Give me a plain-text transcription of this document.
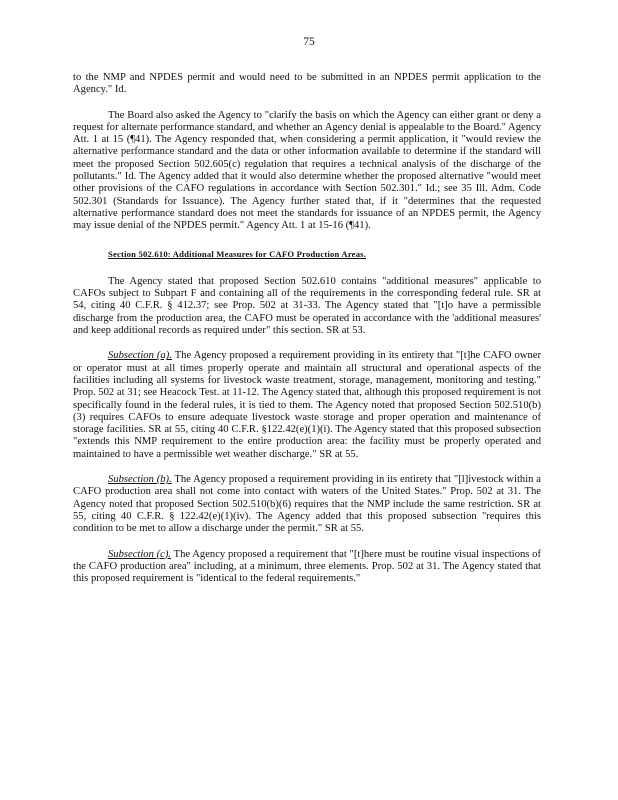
75

to the NMP and NPDES permit and would need to be submitted in an NPDES permit application to the Agency." Id.

The Board also asked the Agency to "clarify the basis on which the Agency can either grant or deny a request for alternate performance standard, and whether an Agency denial is appealable to the Board." Agency Att. 1 at 15 (¶41). The Agency responded that, when considering a permit application, it "would review the alternative performance standard and the data or other information available to determine if the standard will meet the proposed Section 502.605(c) regulation that requires a technical analysis of the discharge of the pollutants." Id. The Agency added that it would also determine whether the proposed alternative "would meet other provisions of the CAFO regulations in accordance with Section 502.301." Id.; see 35 Ill. Adm. Code 502.301 (Standards for Issuance). The Agency further stated that, if it "determines that the requested alternative performance standard does not meet the standards for issuance of an NPDES permit, the Agency may issue denial of the NPDES permit." Agency Att. 1 at 15-16 (¶41).

Section 502.610: Additional Measures for CAFO Production Areas.

The Agency stated that proposed Section 502.610 contains "additional measures" applicable to CAFOs subject to Subpart F and containing all of the requirements in the corresponding federal rule. SR at 54, citing 40 C.F.R. § 412.37; see Prop. 502 at 31-33. The Agency stated that "[t]o have a permissible discharge from the production area, the CAFO must be operated in accordance with the 'additional measures' and keep additional records as required under" this section. SR at 53.

Subsection (a). The Agency proposed a requirement providing in its entirety that "[t]he CAFO owner or operator must at all times properly operate and maintain all structural and operational aspects of the facilities including all systems for livestock waste treatment, storage, management, monitoring and testing." Prop. 502 at 31; see Heacock Test. at 11-12. The Agency stated that, although this proposed requirement is not specifically found in the federal rules, it is tied to them. The Agency noted that proposed Section 502.510(b)(3) requires CAFOs to ensure adequate livestock waste storage and proper operation and maintenance of storage facilities. SR at 55, citing 40 C.F.R. §122.42(e)(1)(i). The Agency stated that this proposed subsection "extends this NMP requirement to the entire production area: the facility must be properly operated and maintained to have a permissible wet weather discharge." SR at 55.

Subsection (b). The Agency proposed a requirement providing in its entirety that "[l]ivestock within a CAFO production area shall not come into contact with waters of the United States." Prop. 502 at 31. The Agency noted that proposed Section 502.510(b)(6) requires that the NMP include the same restriction. SR at 55, citing 40 C.F.R. § 122.42(e)(1)(iv). The Agency added that this proposed subsection "requires this condition to be met to allow a discharge under the permit." SR at 55.

Subsection (c). The Agency proposed a requirement that "[t]here must be routine visual inspections of the CAFO production area" including, at a minimum, three elements. Prop. 502 at 31. The Agency stated that this proposed requirement is "identical to the federal requirements."
